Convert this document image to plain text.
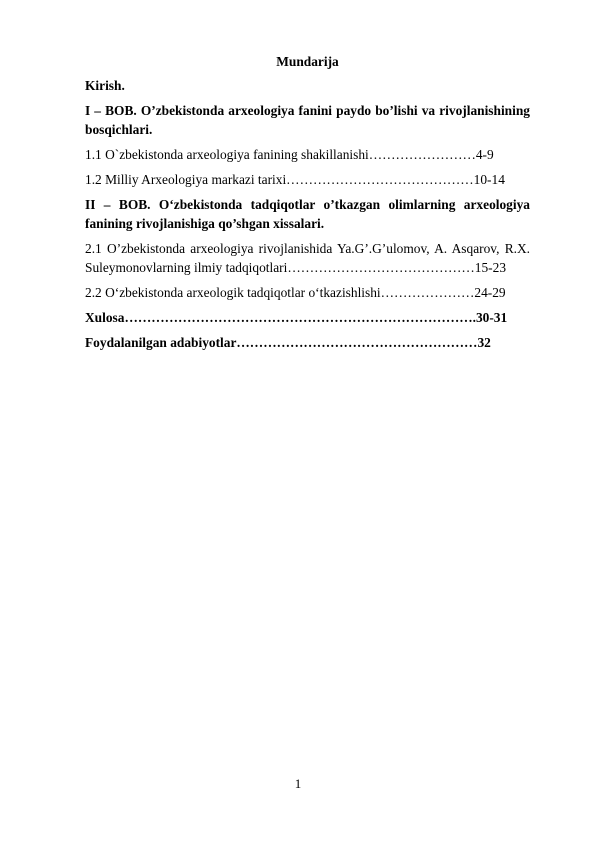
Mundarija
Kirish.
I – BOB. O’zbekistonda arxeologiya fanini paydo bo’lishi va rivojlanishining bosqichlari.
1.1 O`zbekistonda arxeologiya fanining shakillanishi……………………4-9
1.2 Milliy Arxeologiya markazi tarixi……………………………………10-14
II – BOB. O‘zbekistonda tadqiqotlar o’tkazgan olimlarning arxeologiya fanining rivojlanishiga qo’shgan xissalari.
2.1 O’zbekistonda arxeologiya rivojlanishida Ya.G’.G’ulomov, A. Asqarov, R.X. Suleymonovlarning ilmiy tadqiqotlari……………………………………15-23
2.2 O‘zbekistonda arxeologik tadqiqotlar o‘tkazishlishi…………………24-29
Xulosa…………………………………………………………………….30-31
Foydalanilgan adabiyotlar………………………………………………32
1
